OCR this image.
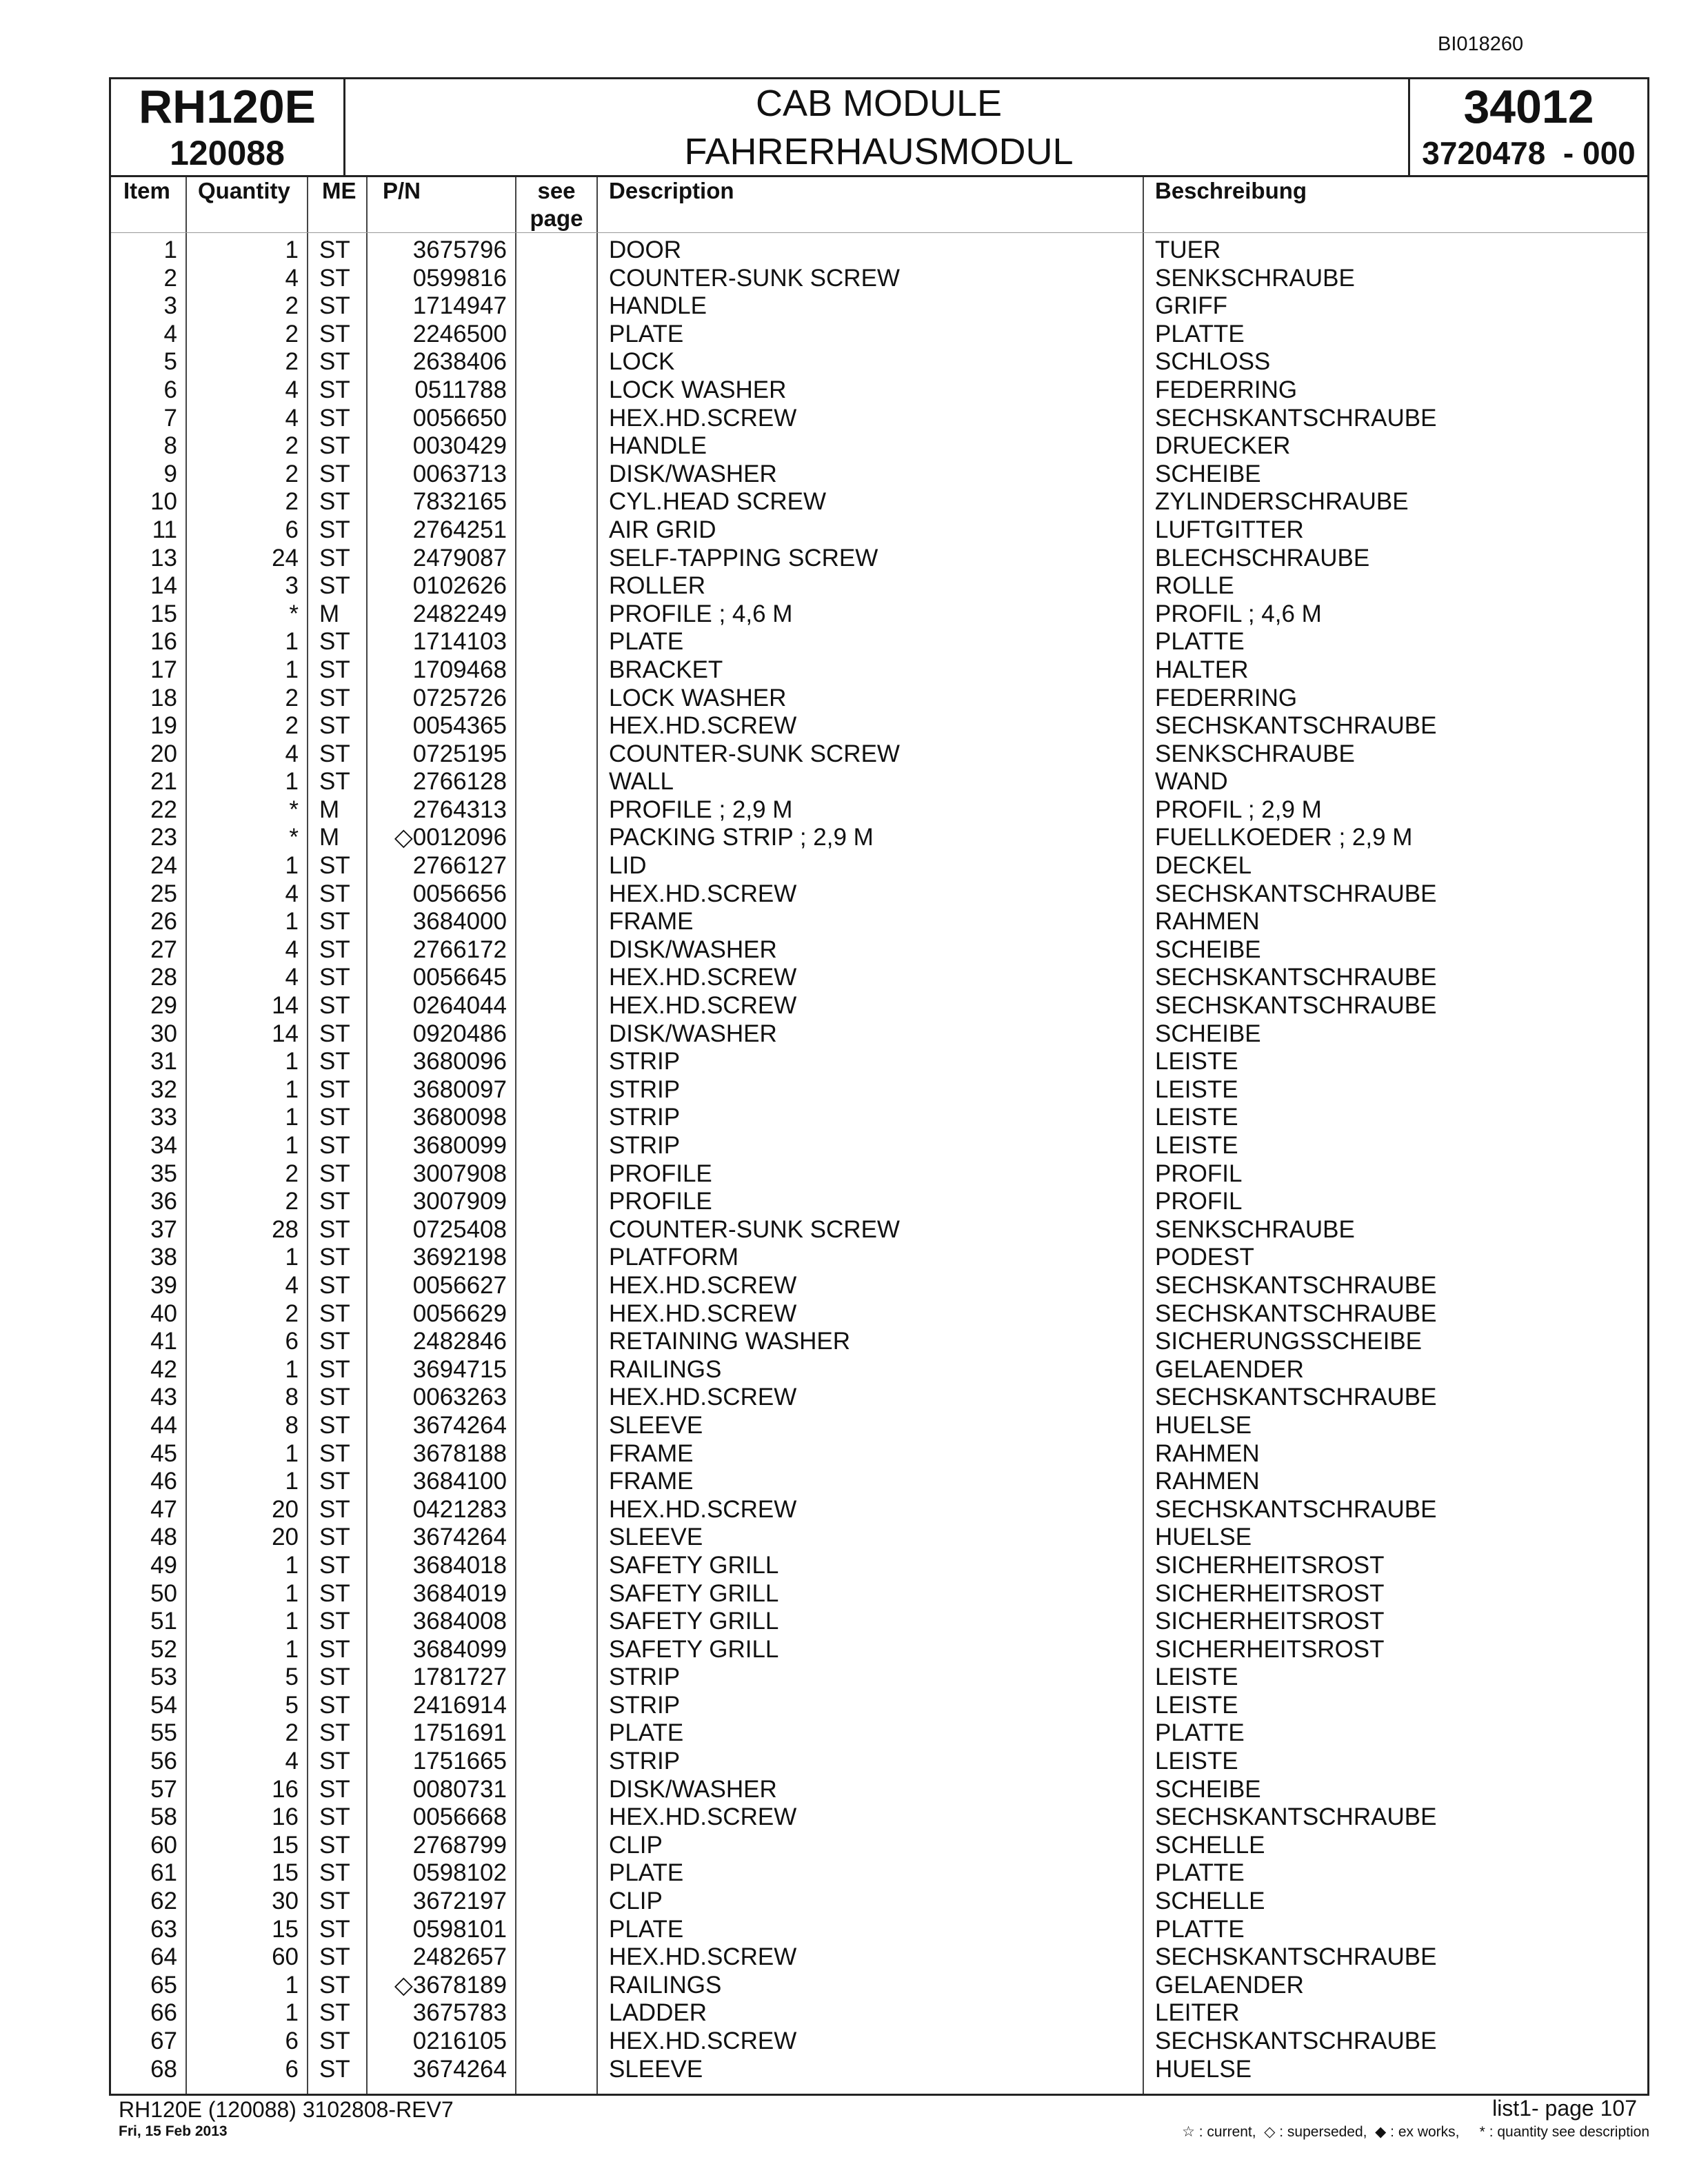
BI018260
RH120E
120088
CAB MODULE
FAHRERHAUSMODUL
34012
3720478  - 000
Item Quantity ME P/N	see
page
Description	Beschreibung
1	1 ST	3675796	DOOR	TUER
2	4 ST	0599816	COUNTER-SUNK SCREW	SENKSCHRAUBE
3	2 ST	1714947	HANDLE	GRIFF
4	2 ST	2246500	PLATE	PLATTE
5	2 ST	2638406	LOCK	SCHLOSS
6	4 ST	0511788	LOCK WASHER	FEDERRING
7	4 ST	0056650	HEX.HD.SCREW	SECHSKANTSCHRAUBE
8	2 ST	0030429	HANDLE	DRUECKER
9	2 ST	0063713	DISK/WASHER	SCHEIBE
10	2 ST	7832165	CYL.HEAD SCREW	ZYLINDERSCHRAUBE
11	6 ST	2764251	AIR GRID	LUFTGITTER
13	24 ST	2479087	SELF-TAPPING SCREW	BLECHSCHRAUBE
14	3 ST	0102626	ROLLER	ROLLE
15	* M	2482249	PROFILE ; 4,6 M	PROFIL ; 4,6 M
16	1 ST	1714103	PLATE	PLATTE
17	1 ST	1709468	BRACKET	HALTER
18	2 ST	0725726	LOCK WASHER	FEDERRING
19	2 ST	0054365	HEX.HD.SCREW	SECHSKANTSCHRAUBE
20	4 ST	0725195	COUNTER-SUNK SCREW	SENKSCHRAUBE
21	1 ST	2766128	WALL	WAND
22	* M	2764313	PROFILE ; 2,9 M	PROFIL ; 2,9 M
23	* M ◇0012096	PACKING STRIP ; 2,9 M	FUELLKOEDER ; 2,9 M
24	1 ST	2766127	LID	DECKEL
25	4 ST	0056656	HEX.HD.SCREW	SECHSKANTSCHRAUBE
26	1 ST	3684000	FRAME	RAHMEN
27	4 ST	2766172	DISK/WASHER	SCHEIBE
28	4 ST	0056645	HEX.HD.SCREW	SECHSKANTSCHRAUBE
29	14 ST	0264044	HEX.HD.SCREW	SECHSKANTSCHRAUBE
30	14 ST	0920486	DISK/WASHER	SCHEIBE
31	1 ST	3680096	STRIP	LEISTE
32	1 ST	3680097	STRIP	LEISTE
33	1 ST	3680098	STRIP	LEISTE
34	1 ST	3680099	STRIP	LEISTE
35	2 ST	3007908	PROFILE	PROFIL
36	2 ST	3007909	PROFILE	PROFIL
37	28 ST	0725408	COUNTER-SUNK SCREW	SENKSCHRAUBE
38	1 ST	3692198	PLATFORM	PODEST
39	4 ST	0056627	HEX.HD.SCREW	SECHSKANTSCHRAUBE
40	2 ST	0056629	HEX.HD.SCREW	SECHSKANTSCHRAUBE
41	6 ST	2482846	RETAINING WASHER	SICHERUNGSSCHEIBE
42	1 ST	3694715	RAILINGS	GELAENDER
43	8 ST	0063263	HEX.HD.SCREW	SECHSKANTSCHRAUBE
44	8 ST	3674264	SLEEVE	HUELSE
45	1 ST	3678188	FRAME	RAHMEN
46	1 ST	3684100	FRAME	RAHMEN
47	20 ST	0421283	HEX.HD.SCREW	SECHSKANTSCHRAUBE
48	20 ST	3674264	SLEEVE	HUELSE
49	1 ST	3684018	SAFETY GRILL	SICHERHEITSROST
50	1 ST	3684019	SAFETY GRILL	SICHERHEITSROST
51	1 ST	3684008	SAFETY GRILL	SICHERHEITSROST
52	1 ST	3684099	SAFETY GRILL	SICHERHEITSROST
53	5 ST	1781727	STRIP	LEISTE
54	5 ST	2416914	STRIP	LEISTE
55	2 ST	1751691	PLATE	PLATTE
56	4 ST	1751665	STRIP	LEISTE
57	16 ST	0080731	DISK/WASHER	SCHEIBE
58	16 ST	0056668	HEX.HD.SCREW	SECHSKANTSCHRAUBE
60	15 ST	2768799	CLIP	SCHELLE
61	15 ST	0598102	PLATE	PLATTE
62	30 ST	3672197	CLIP	SCHELLE
63	15 ST	0598101	PLATE	PLATTE
64	60 ST	2482657	HEX.HD.SCREW	SECHSKANTSCHRAUBE
65	1 ST ◇3678189	RAILINGS	GELAENDER
66	1 ST	3675783	LADDER	LEITER
67	6 ST	0216105	HEX.HD.SCREW	SECHSKANTSCHRAUBE
68	6 ST	3674264	SLEEVE	HUELSE
RH120E (120088) 3102808-REV7
Fri, 15 Feb 2013
list1- page 107
☆ : current,  ◇ : superseded,  ◆ : ex works,     * : quantity see description
